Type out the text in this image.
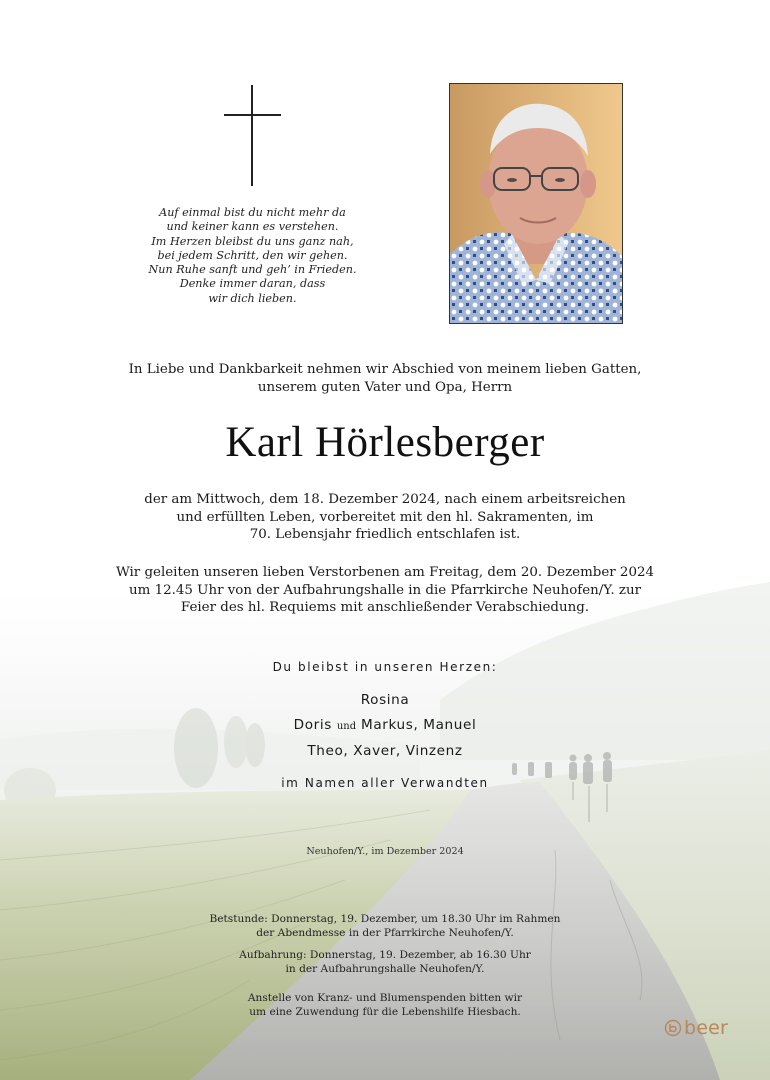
Auf einmal bist du nicht mehr da
und keiner kann es verstehen.
Im Herzen bleibst du uns ganz nah,
bei jedem Schritt, den wir gehen.
Nun Ruhe sanft und geh’ in Frieden.
Denke immer daran, dass
wir dich lieben.
In Liebe und Dankbarkeit nehmen wir Abschied von meinem lieben Gatten,
unserem guten Vater und Opa, Herrn
Karl Hörlesberger
der am Mittwoch, dem 18. Dezember 2024, nach einem arbeitsreichen
und erfüllten Leben, vorbereitet mit den hl. Sakramenten, im
70. Lebensjahr friedlich entschlafen ist.
Wir geleiten unseren lieben Verstorbenen am Freitag, dem 20. Dezember 2024
um 12.45 Uhr von der Aufbahrungshalle in die Pfarrkirche Neuhofen/Y. zur
Feier des hl. Requiems mit anschließender Verabschiedung.
Du bleibst in unseren Herzen:
Rosina
Doris und Markus, Manuel
Theo, Xaver, Vinzenz
im Namen aller Verwandten
Neuhofen/Y., im Dezember 2024
Betstunde: Donnerstag, 19. Dezember, um 18.30 Uhr im Rahmen
der Abendmesse in der Pfarrkirche Neuhofen/Y.
Aufbahrung: Donnerstag, 19. Dezember, ab 16.30 Uhr
in der Aufbahrungshalle Neuhofen/Y.
Anstelle von Kranz- und Blumenspenden bitten wir
um eine Zuwendung für die Lebenshilfe Hiesbach.
beer
